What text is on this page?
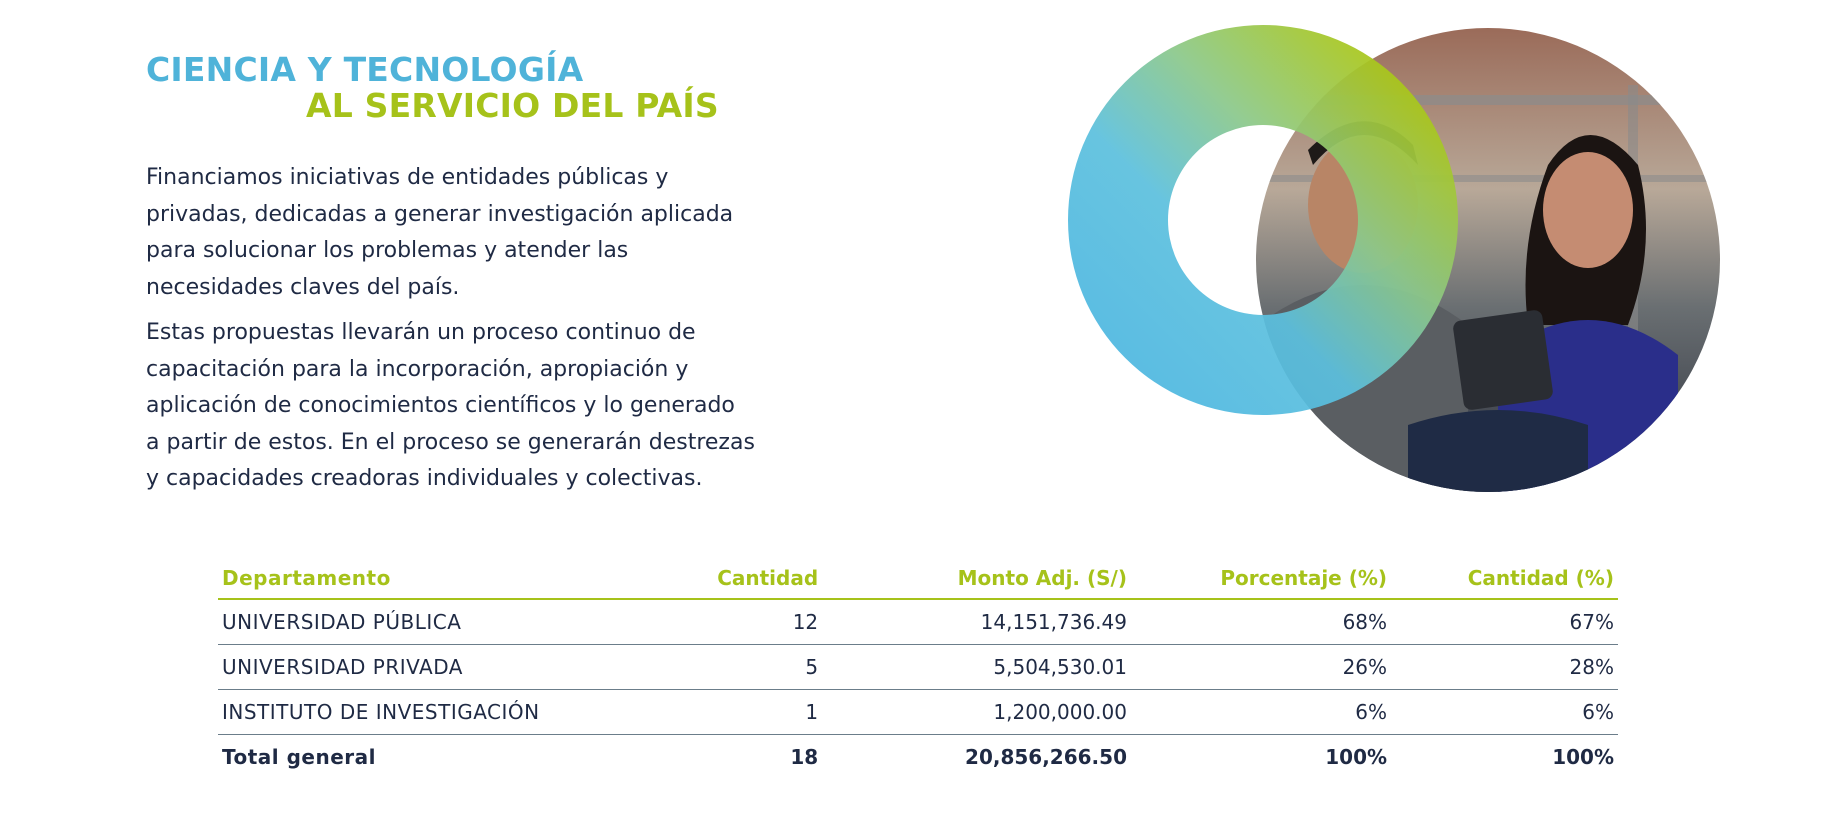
CIENCIA Y TECNOLOGÍA
AL SERVICIO DEL PAÍS

Financiamos iniciativas de entidades públicas y
privadas, dedicadas a generar investigación aplicada
para solucionar los problemas y atender las
necesidades claves del país.

Estas propuestas llevarán un proceso continuo de
capacitación para la incorporación, apropiación y
aplicación de conocimientos científicos y lo generado
a partir de estos. En el proceso se generarán destrezas
y capacidades creadoras individuales y colectivas.

Departamento	Cantidad	Monto Adj. (S/)	Porcentaje (%)	Cantidad (%)
UNIVERSIDAD PÚBLICA	12	14,151,736.49	68%	67%
UNIVERSIDAD PRIVADA	5	5,504,530.01	26%	28%
INSTITUTO DE INVESTIGACIÓN	1	1,200,000.00	6%	6%
Total general	18	20,856,266.50	100%	100%
